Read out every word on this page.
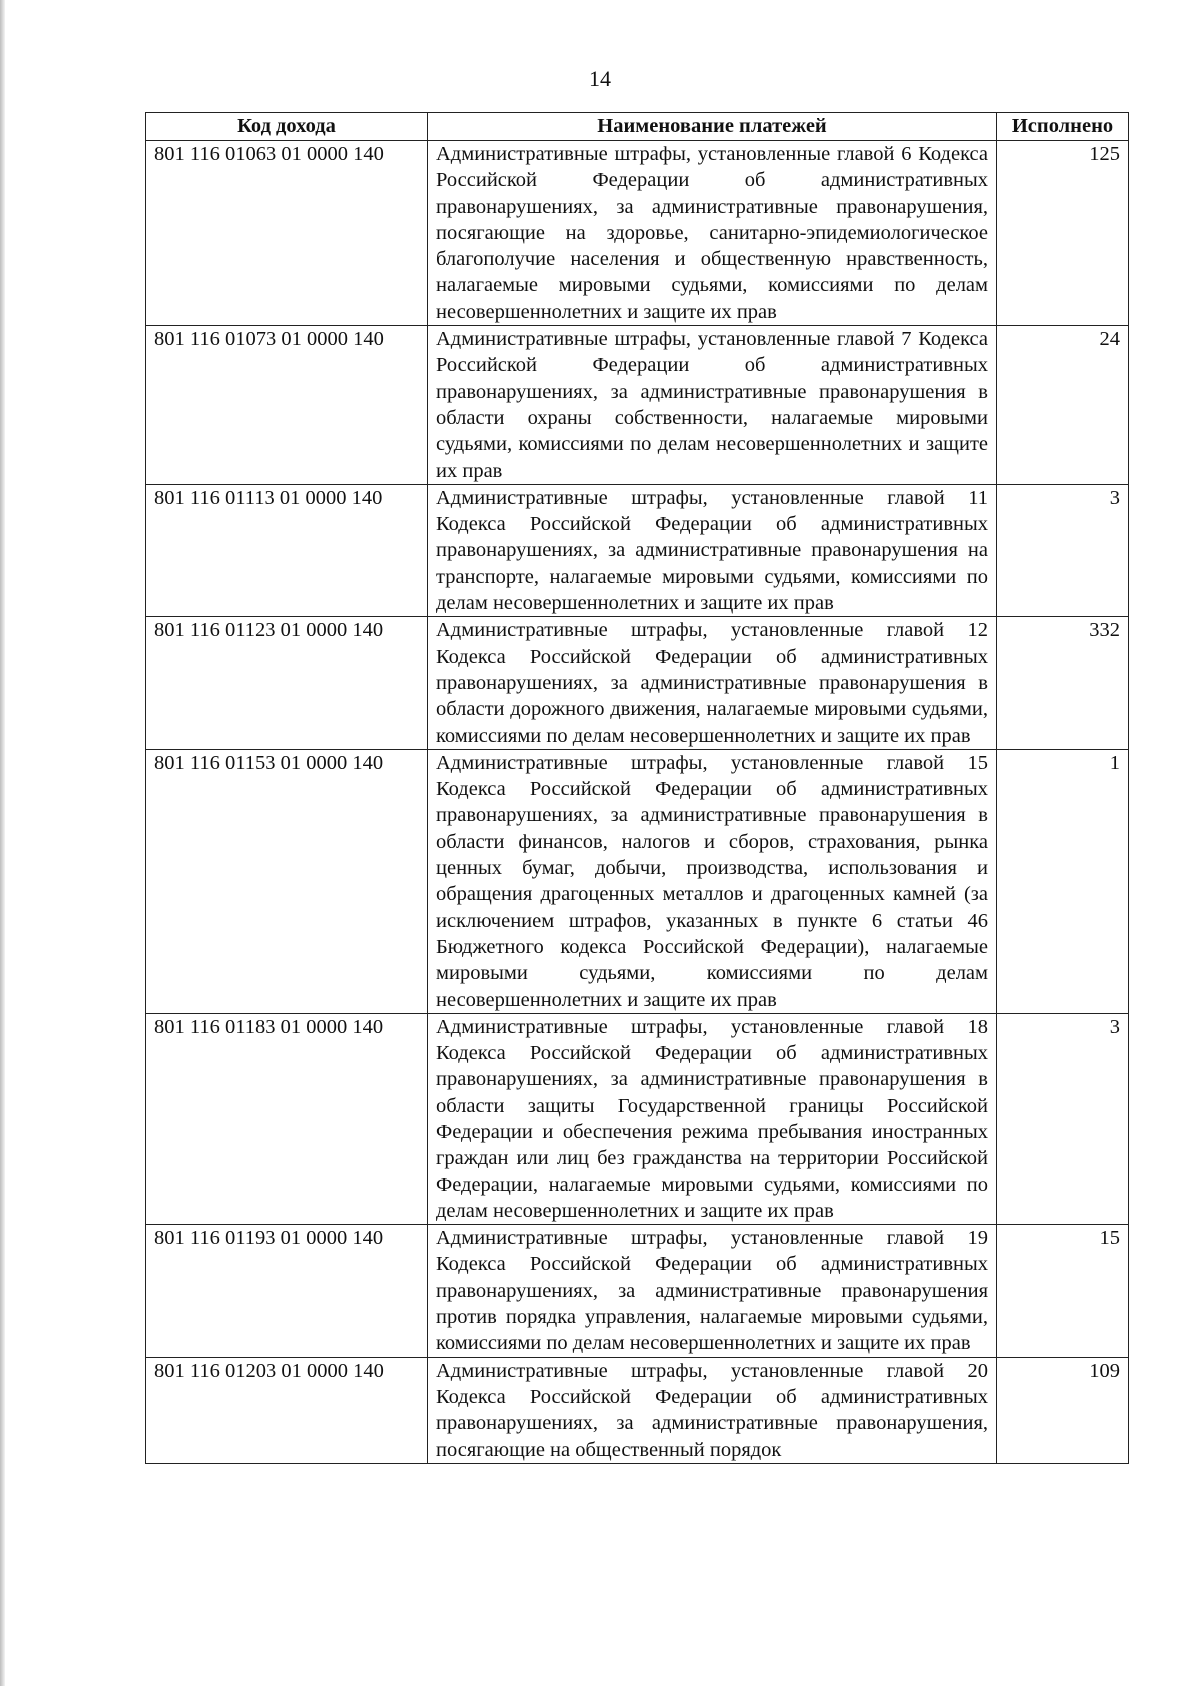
14
Код дохода	Наименование платежей	Исполнено
801 116 01063 01 0000 140	Административные штрафы, установленные главой 6 Кодекса Российской Федерации об административных правонарушениях, за административные правонарушения, посягающие на здоровье, санитарно-эпидемиологическое благополучие населения и общественную нравственность, налагаемые мировыми судьями, комиссиями по делам несовершеннолетних и защите их прав	125
801 116 01073 01 0000 140	Административные штрафы, установленные главой 7 Кодекса Российской Федерации об административных правонарушениях, за административные правонарушения в области охраны собственности, налагаемые мировыми судьями, комиссиями по делам несовершеннолетних и защите их прав	24
801 116 01113 01 0000 140	Административные штрафы, установленные главой 11 Кодекса Российской Федерации об административных правонарушениях, за административные правонарушения на транспорте, налагаемые мировыми судьями, комиссиями по делам несовершеннолетних и защите их прав	3
801 116 01123 01 0000 140	Административные штрафы, установленные главой 12 Кодекса Российской Федерации об административных правонарушениях, за административные правонарушения в области дорожного движения, налагаемые мировыми судьями, комиссиями по делам несовершеннолетних и защите их прав	332
801 116 01153 01 0000 140	Административные штрафы, установленные главой 15 Кодекса Российской Федерации об административных правонарушениях, за административные правонарушения в области финансов, налогов и сборов, страхования, рынка ценных бумаг, добычи, производства, использования и обращения драгоценных металлов и драгоценных камней (за исключением штрафов, указанных в пункте 6 статьи 46 Бюджетного кодекса Российской Федерации), налагаемые мировыми судьями, комиссиями по делам несовершеннолетних и защите их прав	1
801 116 01183 01 0000 140	Административные штрафы, установленные главой 18 Кодекса Российской Федерации об административных правонарушениях, за административные правонарушения в области защиты Государственной границы Российской Федерации и обеспечения режима пребывания иностранных граждан или лиц без гражданства на территории Российской Федерации, налагаемые мировыми судьями, комиссиями по делам несовершеннолетних и защите их прав	3
801 116 01193 01 0000 140	Административные штрафы, установленные главой 19 Кодекса Российской Федерации об административных правонарушениях, за административные правонарушения против порядка управления, налагаемые мировыми судьями, комиссиями по делам несовершеннолетних и защите их прав	15
801 116 01203 01 0000 140	Административные штрафы, установленные главой 20 Кодекса Российской Федерации об административных правонарушениях, за административные правонарушения, посягающие на общественный порядок	109
